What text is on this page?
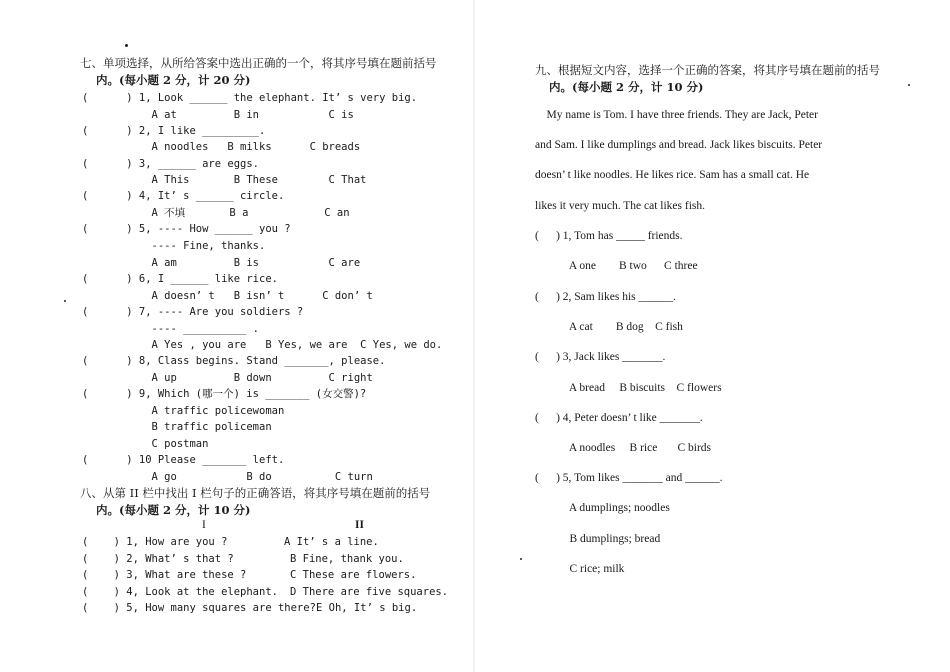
七、单项选择，从所给答案中选出正确的一个，将其序号填在题前括号
内。(每小题 2 分，计 20 分)
(      ) 1, Look ______ the elephant. It’ s very big.
A at         B in           C is
(      ) 2, I like _________.
A noodles   B milks      C breads
(      ) 3, ______ are eggs.
A This       B These        C That
(      ) 4, It’ s ______ circle.
A 不填       B a            C an
(      ) 5, ---- How ______ you ?
---- Fine, thanks.
A am         B is           C are
(      ) 6, I ______ like rice.
A doesn’ t   B isn’ t      C don’ t
(      ) 7, ---- Are you soldiers ?
---- __________ .
A Yes , you are   B Yes, we are  C Yes, we do.
(      ) 8, Class begins. Stand _______, please.
A up         B down         C right
(      ) 9, Which (哪一个) is _______ (女交警)?
A traffic policewoman
B traffic policeman
C postman
(      ) 10 Please _______ left.
A go           B do          C turn
八、从第 II 栏中找出 I 栏句子的正确答语，将其序号填在题前的括号
内。(每小题 2 分，计 10 分)
I	II
(    ) 1, How are you ?	A It’ s a line.
(    ) 2, What’ s that ?	B Fine, thank you.
(    ) 3, What are these ?	C These are flowers.
(    ) 4, Look at the elephant. D There are five squares.
(    ) 5, How many squares are there? E Oh, It’ s big.
九、根据短文内容，选择一个正确的答案，将其序号填在题前的括号
内。(每小题 2 分，计 10 分)
My name is Tom. I have three friends. They are Jack, Peter
and Sam. I like dumplings and bread. Jack likes biscuits. Peter
doesn’ t like noodles. He likes rice. Sam has a small cat. He
likes it very much. The cat likes fish.
(      ) 1, Tom has _____ friends.
A one        B two      C three
(      ) 2, Sam likes his ______.
A cat        B dog    C fish
(      ) 3, Jack likes _______.
A bread     B biscuits    C flowers
(      ) 4, Peter doesn’ t like _______.
A noodles     B rice       C birds
(      ) 5, Tom likes _______ and ______.
A dumplings; noodles
B dumplings; bread
C rice; milk
